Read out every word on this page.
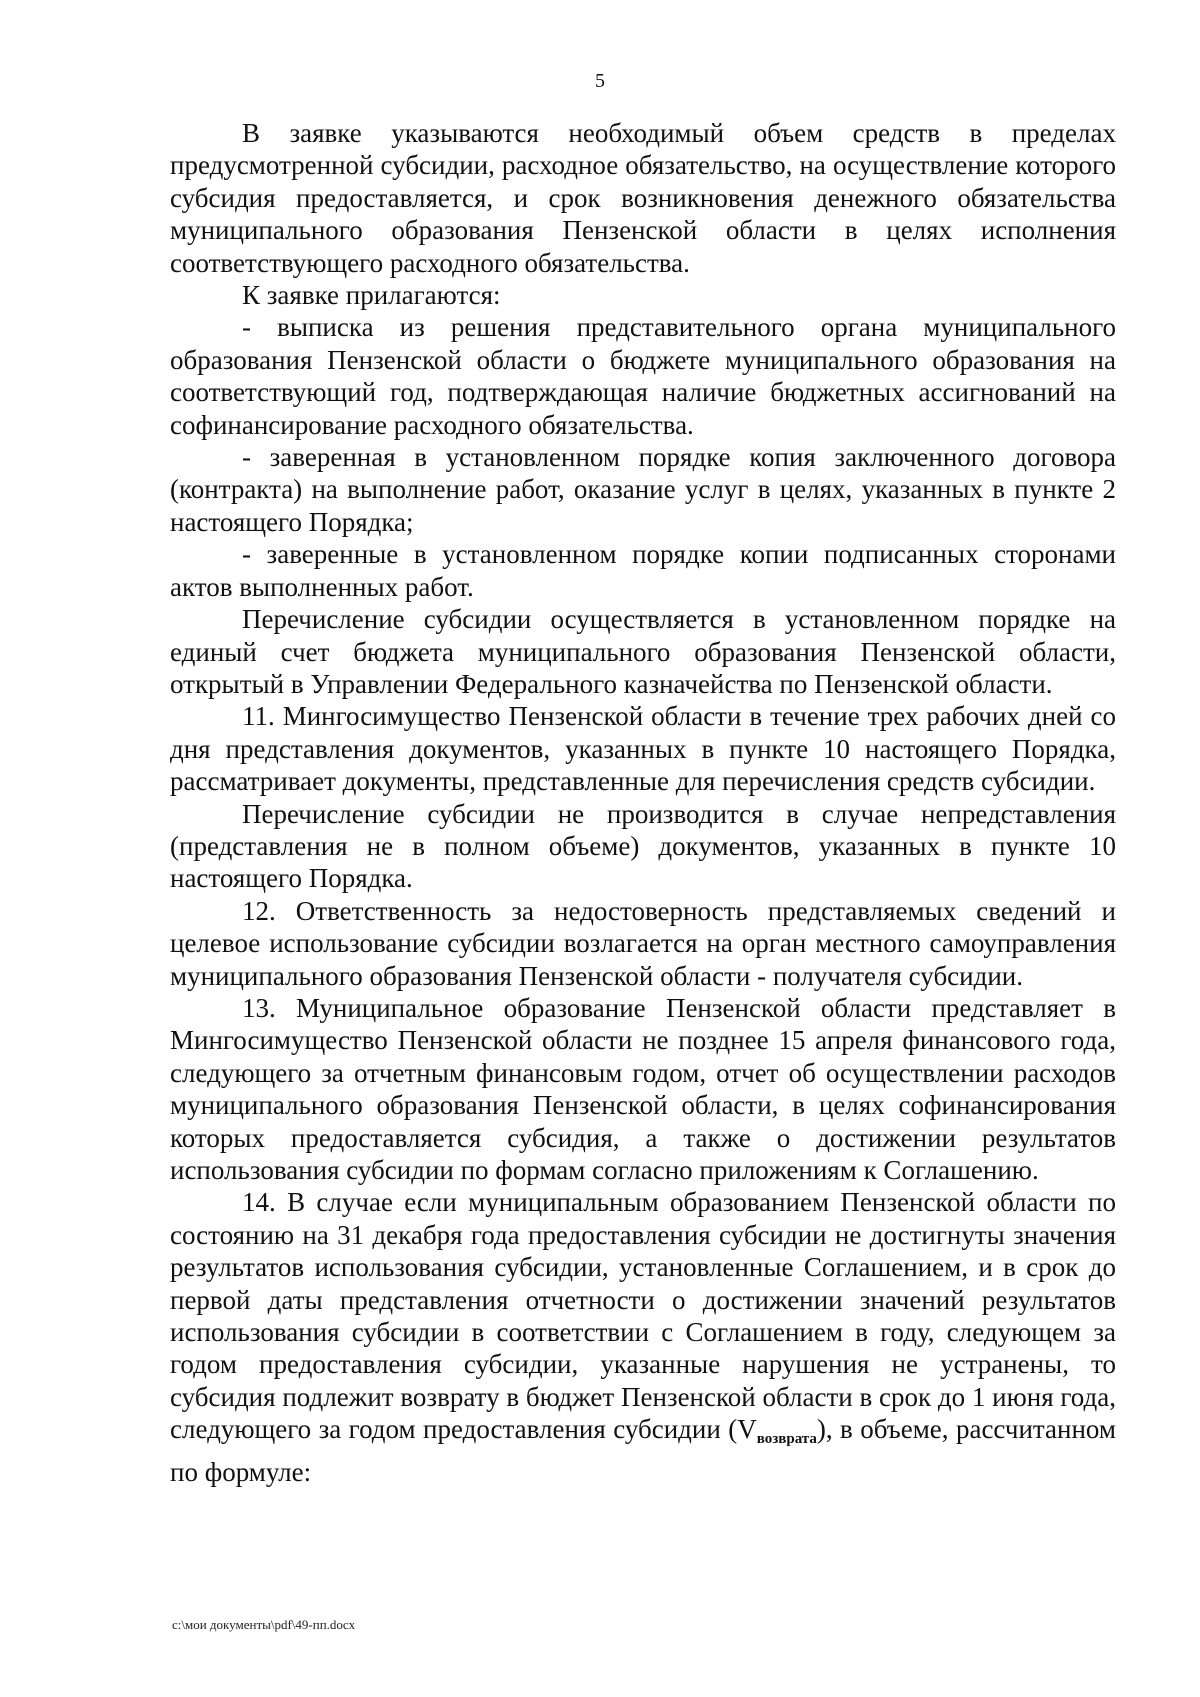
5

В заявке указываются необходимый объем средств в пределах предусмотренной субсидии, расходное обязательство, на осуществление которого субсидия предоставляется, и срок возникновения денежного обязательства муниципального образования Пензенской области в целях исполнения соответствующего расходного обязательства.

К заявке прилагаются:

- выписка из решения представительного органа муниципального образования Пензенской области о бюджете муниципального образования на соответствующий год, подтверждающая наличие бюджетных ассигнований на софинансирование расходного обязательства.

- заверенная в установленном порядке копия заключенного договора (контракта) на выполнение работ, оказание услуг в целях, указанных в пункте 2 настоящего Порядка;

- заверенные в установленном порядке копии подписанных сторонами актов выполненных работ.

Перечисление субсидии осуществляется в установленном порядке на единый счет бюджета муниципального образования Пензенской области, открытый в Управлении Федерального казначейства по Пензенской области.

11. Мингосимущество Пензенской области в течение трех рабочих дней со дня представления документов, указанных в пункте 10 настоящего Порядка, рассматривает документы, представленные для перечисления средств субсидии.

Перечисление субсидии не производится в случае непредставления (представления не в полном объеме) документов, указанных в пункте 10 настоящего Порядка.

12. Ответственность за недостоверность представляемых сведений и целевое использование субсидии возлагается на орган местного самоуправления муниципального образования Пензенской области - получателя субсидии.

13. Муниципальное образование Пензенской области представляет в Мингосимущество Пензенской области не позднее 15 апреля финансового года, следующего за отчетным финансовым годом, отчет об осуществлении расходов муниципального образования Пензенской области, в целях софинансирования которых предоставляется субсидия, а также о достижении результатов использования субсидии по формам согласно приложениям к Соглашению.

14. В случае если муниципальным образованием Пензенской области по состоянию на 31 декабря года предоставления субсидии не достигнуты значения результатов использования субсидии, установленные Соглашением, и в срок до первой даты представления отчетности о достижении значений результатов использования субсидии в соответствии с Соглашением в году, следующем за годом предоставления субсидии, указанные нарушения не устранены, то субсидия подлежит возврату в бюджет Пензенской области в срок до 1 июня года, следующего за годом предоставления субсидии $(V_{возврата})$, в объеме, рассчитанном по формуле:

c:\мои документы\pdf\49-пп.docx
